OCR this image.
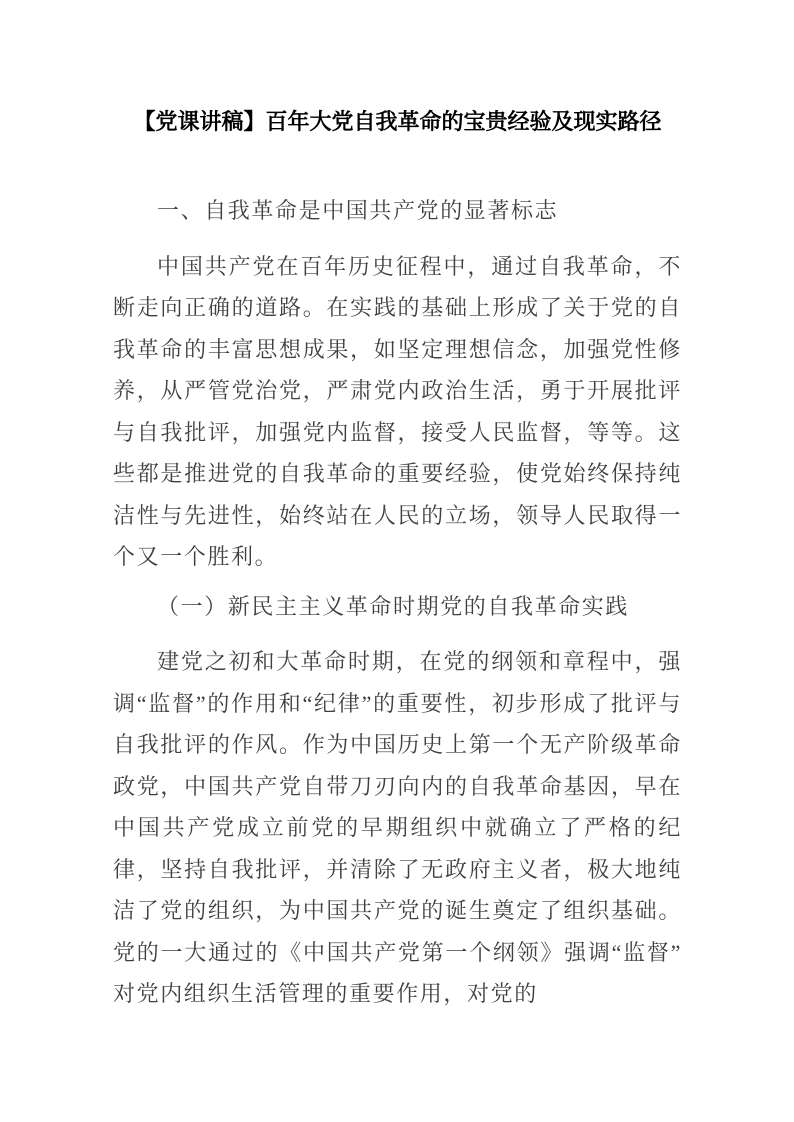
【党课讲稿】百年大党自我革命的宝贵经验及现实路径
一、自我革命是中国共产党的显著标志

中国共产党在百年历史征程中，通过自我革命，不断走向正确的道路。在实践的基础上形成了关于党的自我革命的丰富思想成果，如坚定理想信念，加强党性修养，从严管党治党，严肃党内政治生活，勇于开展批评与自我批评，加强党内监督，接受人民监督，等等。这些都是推进党的自我革命的重要经验，使党始终保持纯洁性与先进性，始终站在人民的立场，领导人民取得一个又一个胜利。

（一）新民主主义革命时期党的自我革命实践

建党之初和大革命时期，在党的纲领和章程中，强调“监督”的作用和“纪律”的重要性，初步形成了批评与自我批评的作风。作为中国历史上第一个无产阶级革命政党，中国共产党自带刀刃向内的自我革命基因，早在中国共产党成立前党的早期组织中就确立了严格的纪律，坚持自我批评，并清除了无政府主义者，极大地纯洁了党的组织，为中国共产党的诞生奠定了组织基础。党的一大通过的《中国共产党第一个纲领》强调“监督”对党内组织生活管理的重要作用，对党的
